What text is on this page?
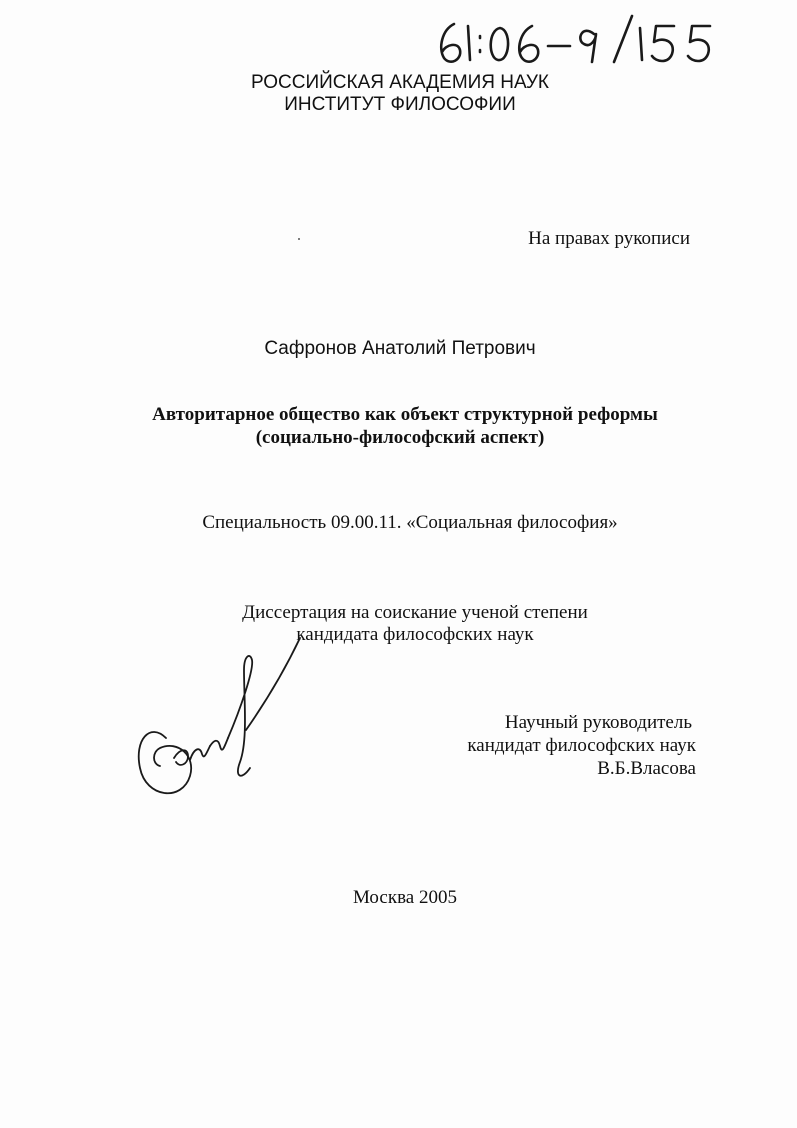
РОССИЙСКАЯ АКАДЕМИЯ НАУК
ИНСТИТУТ ФИЛОСОФИИ
На правах рукописи
Сафронов Анатолий Петрович
Авторитарное общество как объект структурной реформы
(социально-философский аспект)
Специальность 09.00.11. «Социальная философия»
Диссертация на соискание ученой степени
кандидата философских наук
Научный руководитель
кандидат философских наук
В.Б.Власова
Москва 2005
